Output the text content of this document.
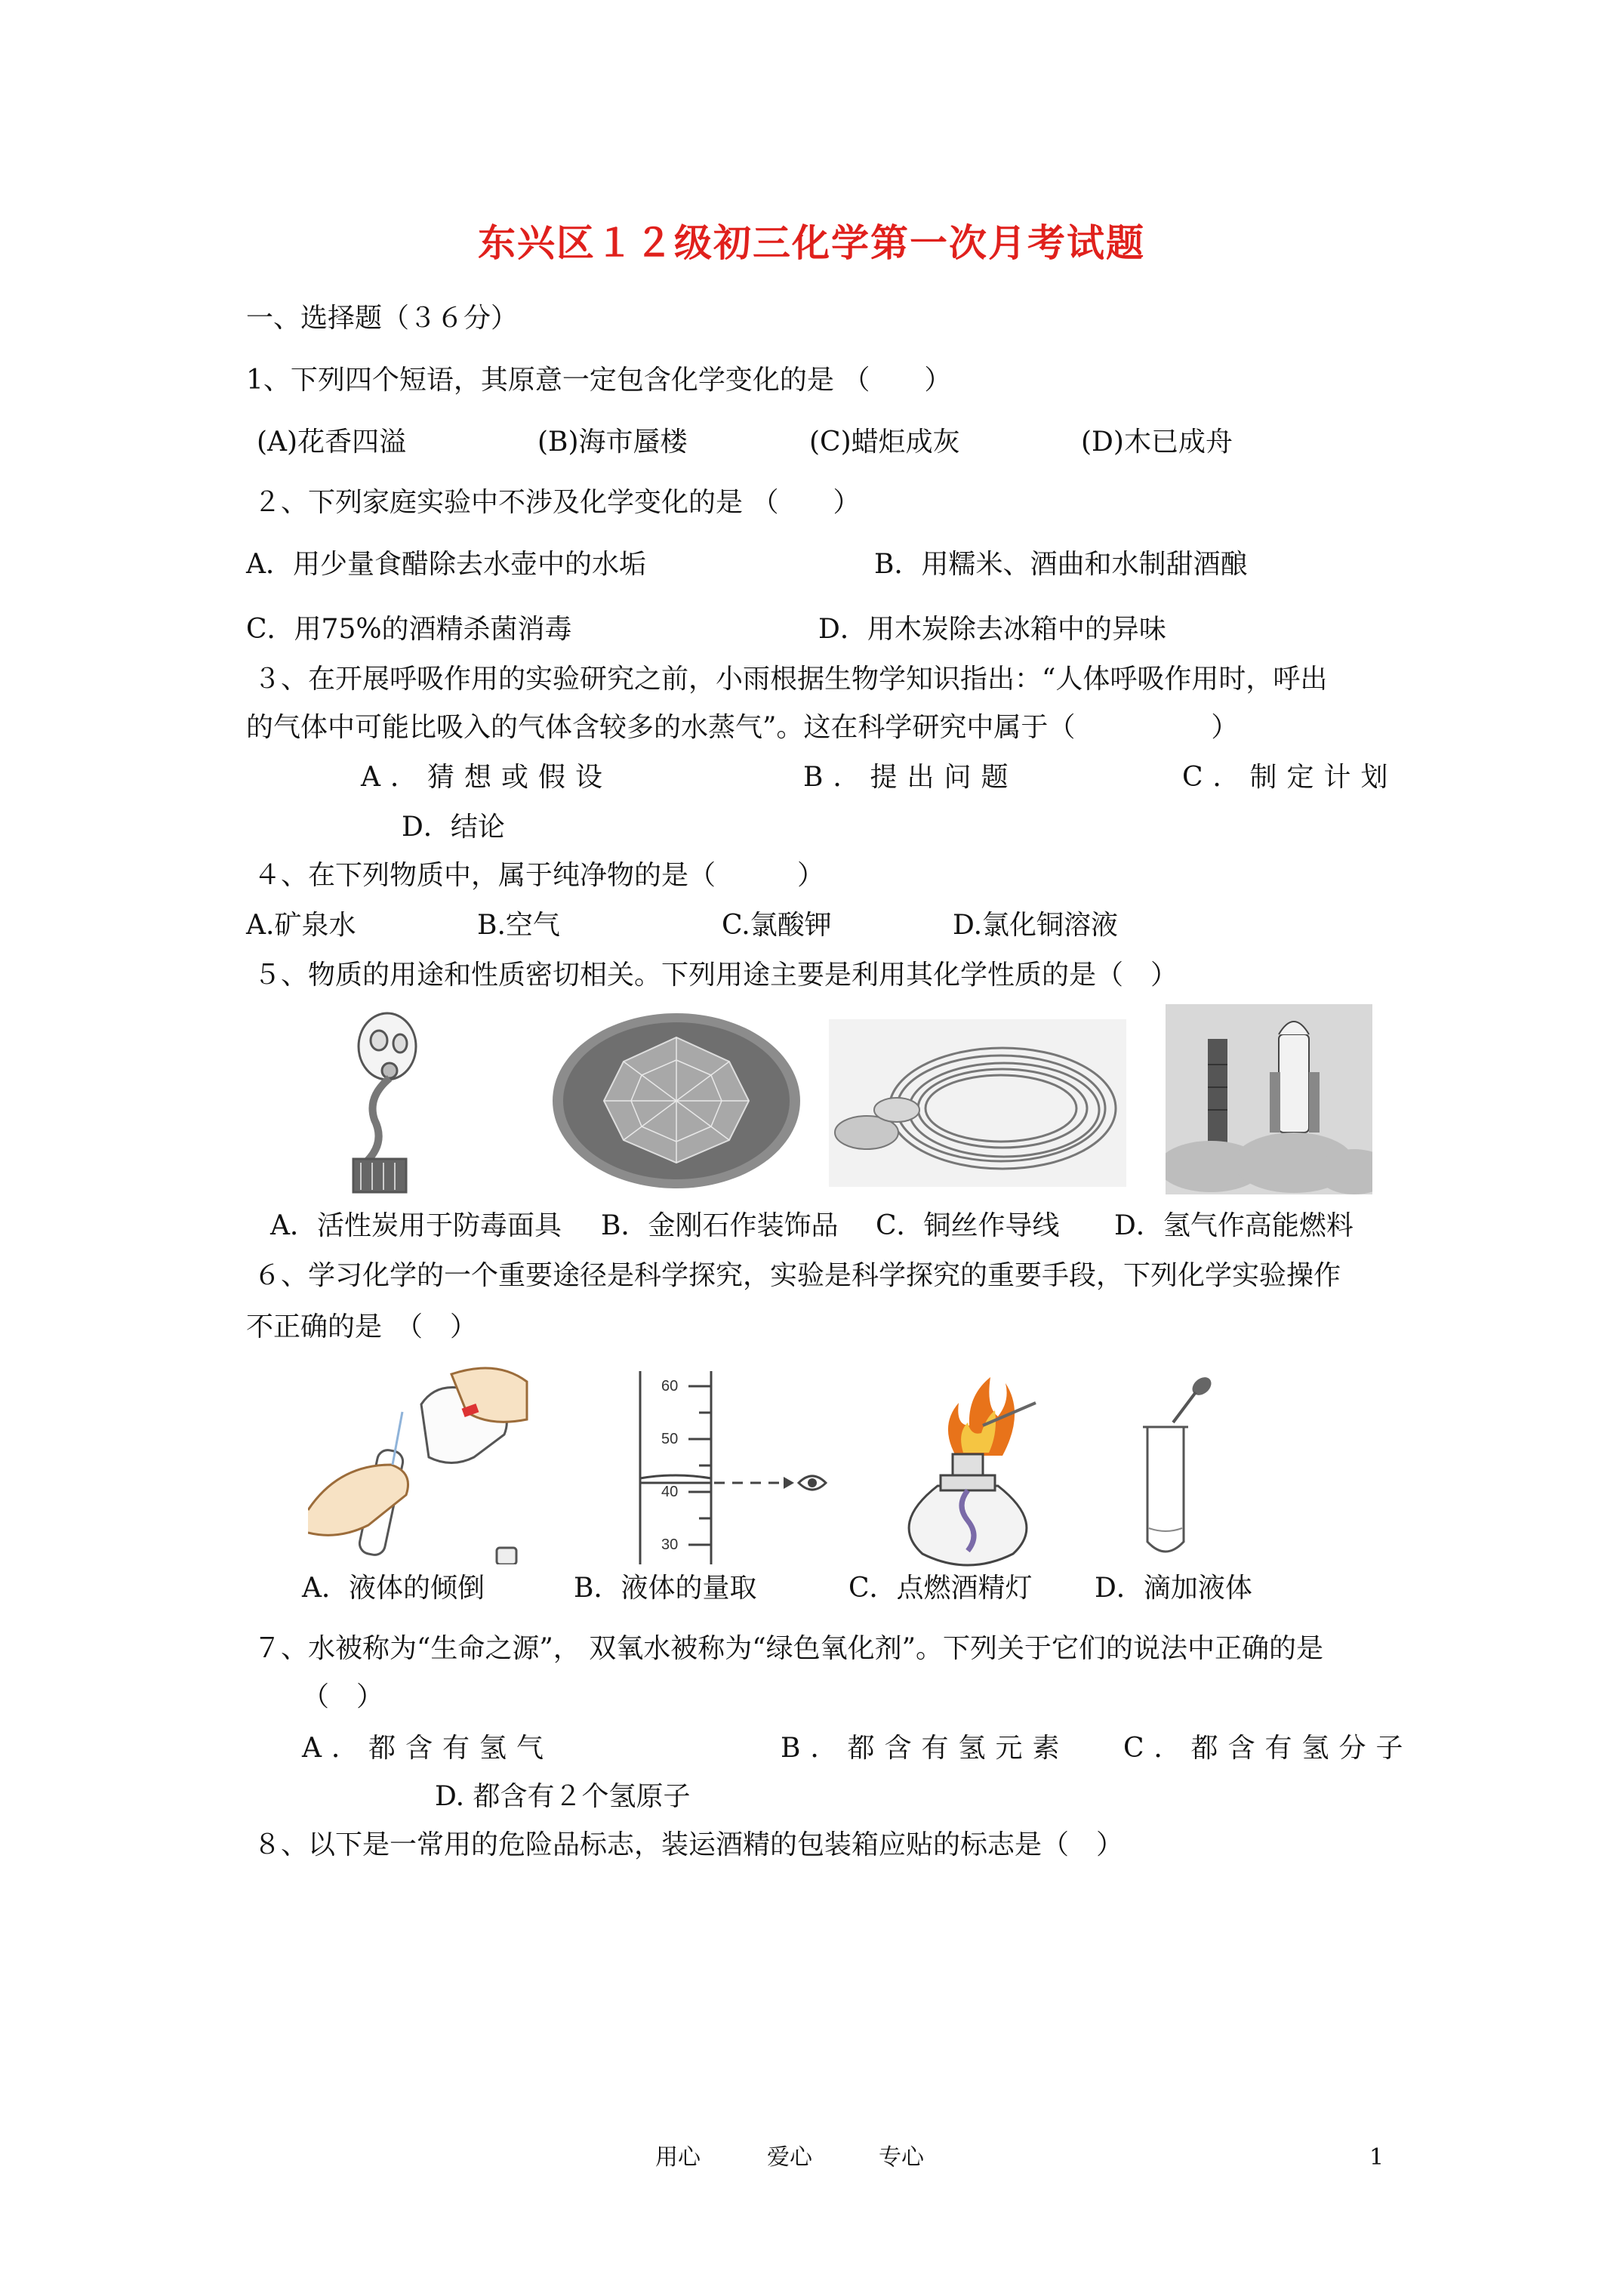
东兴区１２级初三化学第一次月考试题
一、选择题（３６分）
1、下列四个短语，其原意一定包含化学变化的是 （　　）
(A)花香四溢	(B)海市蜃楼	(C)蜡炬成灰	(D)木已成舟
２、下列家庭实验中不涉及化学变化的是 （　　）
A．用少量食醋除去水壶中的水垢	B．用糯米、酒曲和水制甜酒酿
C．用75%的酒精杀菌消毒	D．用木炭除去冰箱中的异味
３、在开展呼吸作用的实验研究之前，小雨根据生物学知识指出：“人体呼吸作用时，呼出
的气体中可能比吸入的气体含较多的水蒸气”。这在科学研究中属于（　　　　　）
A．猜想或假设	B．提出问题	C．制定计划
D．结论
４、在下列物质中，属于纯净物的是（　　　）
A.矿泉水	B.空气	C.氯酸钾	D.氯化铜溶液
５、物质的用途和性质密切相关。下列用途主要是利用其化学性质的是（　）
A．活性炭用于防毒面具 B．金刚石作装饰品 C．铜丝作导线 D．氢气作高能燃料
６、学习化学的一个重要途径是科学探究，实验是科学探究的重要手段，下列化学实验操作
不正确的是　（　）
60
50
40
30
A．液体的倾倒	B．液体的量取	C．点燃酒精灯 D．滴加液体
７、水被称为“生命之源”， 双氧水被称为“绿色氧化剂”。下列关于它们的说法中正确的是
（　）
A．都含有氢气	B．都含有氢元素 C．都含有氢分子
D. 都含有２个氢原子
８、以下是一常用的危险品标志，装运酒精的包装箱应贴的标志是（　）
用心	爱心	专心	1
